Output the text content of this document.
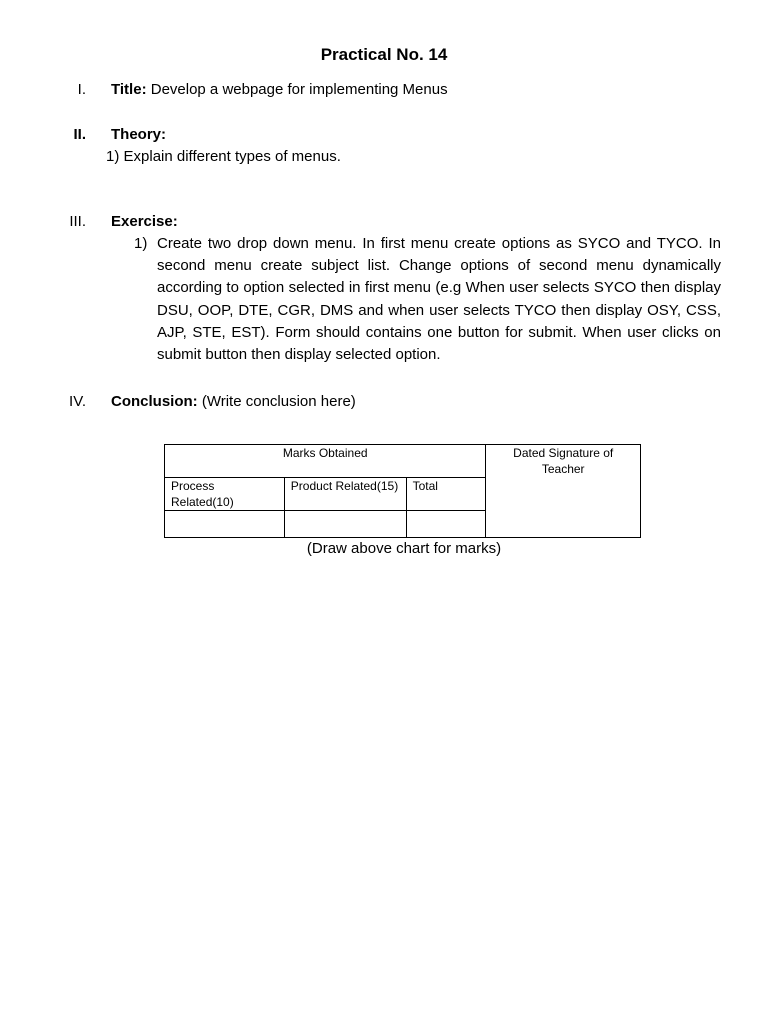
Practical No. 14
I. Title: Develop a webpage for implementing Menus
II. Theory:
1) Explain different types of menus.
III. Exercise:
1) Create two drop down menu. In first menu create options as SYCO and TYCO. In second menu create subject list. Change options of second menu dynamically according to option selected in first menu (e.g When user selects SYCO then display DSU, OOP, DTE, CGR, DMS and when user selects TYCO then display OSY, CSS, AJP, STE, EST). Form should contains one button for submit. When user clicks on submit button then display selected option.
IV. Conclusion: (Write conclusion here)
Marks Obtained			Dated Signature of Teacher
Process Related(10)	Product Related(15)	Total	

(Draw above chart for marks)
